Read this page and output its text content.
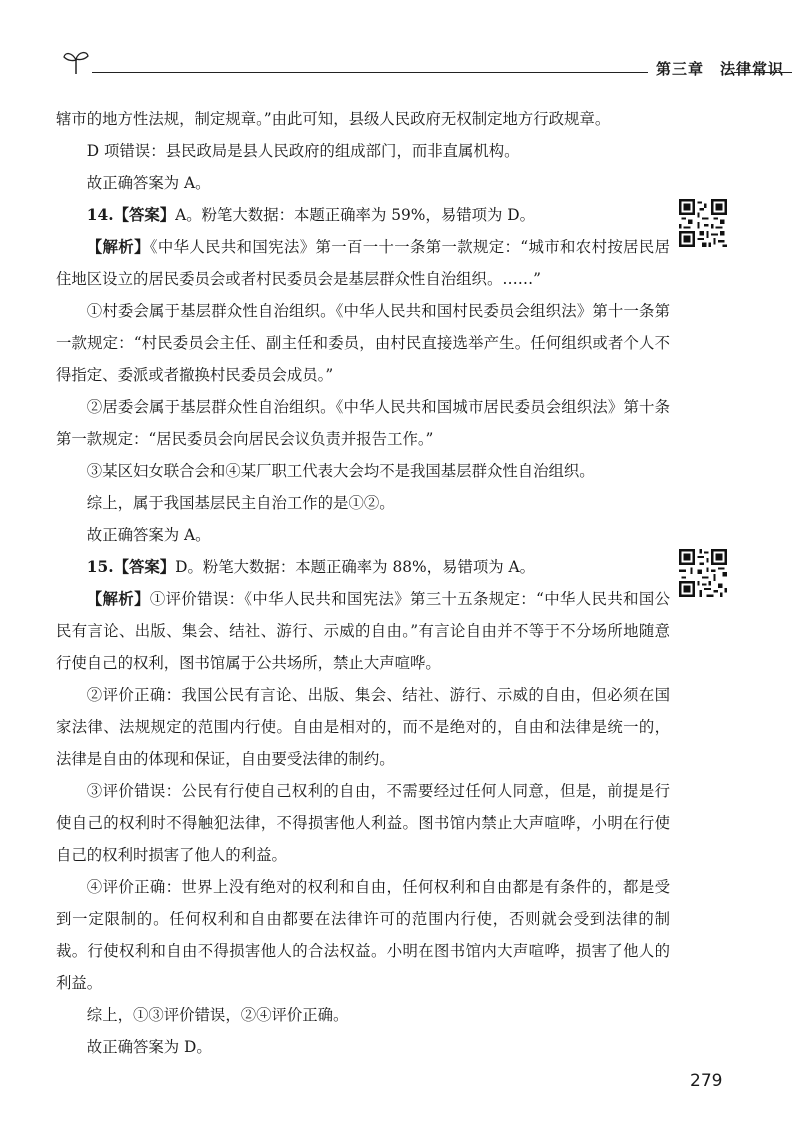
第三章　法律常识

辖市的地方性法规，制定规章。”由此可知，县级人民政府无权制定地方行政规章。

D 项错误：县民政局是县人民政府的组成部门，而非直属机构。

故正确答案为 A。

14.【答案】A。粉笔大数据：本题正确率为 59%，易错项为 D。

【解析】《中华人民共和国宪法》第一百一十一条第一款规定：“城市和农村按居民居住地区设立的居民委员会或者村民委员会是基层群众性自治组织。……”

①村委会属于基层群众性自治组织。《中华人民共和国村民委员会组织法》第十一条第一款规定：“村民委员会主任、副主任和委员，由村民直接选举产生。任何组织或者个人不得指定、委派或者撤换村民委员会成员。”

②居委会属于基层群众性自治组织。《中华人民共和国城市居民委员会组织法》第十条第一款规定：“居民委员会向居民会议负责并报告工作。”

③某区妇女联合会和④某厂职工代表大会均不是我国基层群众性自治组织。

综上，属于我国基层民主自治工作的是①②。

故正确答案为 A。

15.【答案】D。粉笔大数据：本题正确率为 88%，易错项为 A。

【解析】①评价错误：《中华人民共和国宪法》第三十五条规定：“中华人民共和国公民有言论、出版、集会、结社、游行、示威的自由。”有言论自由并不等于不分场所地随意行使自己的权利，图书馆属于公共场所，禁止大声喧哗。

②评价正确：我国公民有言论、出版、集会、结社、游行、示威的自由，但必须在国家法律、法规规定的范围内行使。自由是相对的，而不是绝对的，自由和法律是统一的，法律是自由的体现和保证，自由要受法律的制约。

③评价错误：公民有行使自己权利的自由，不需要经过任何人同意，但是，前提是行使自己的权利时不得触犯法律，不得损害他人利益。图书馆内禁止大声喧哗，小明在行使自己的权利时损害了他人的利益。

④评价正确：世界上没有绝对的权利和自由，任何权利和自由都是有条件的，都是受到一定限制的。任何权利和自由都要在法律许可的范围内行使，否则就会受到法律的制裁。行使权利和自由不得损害他人的合法权益。小明在图书馆内大声喧哗，损害了他人的利益。

综上，①③评价错误，②④评价正确。

故正确答案为 D。

279
